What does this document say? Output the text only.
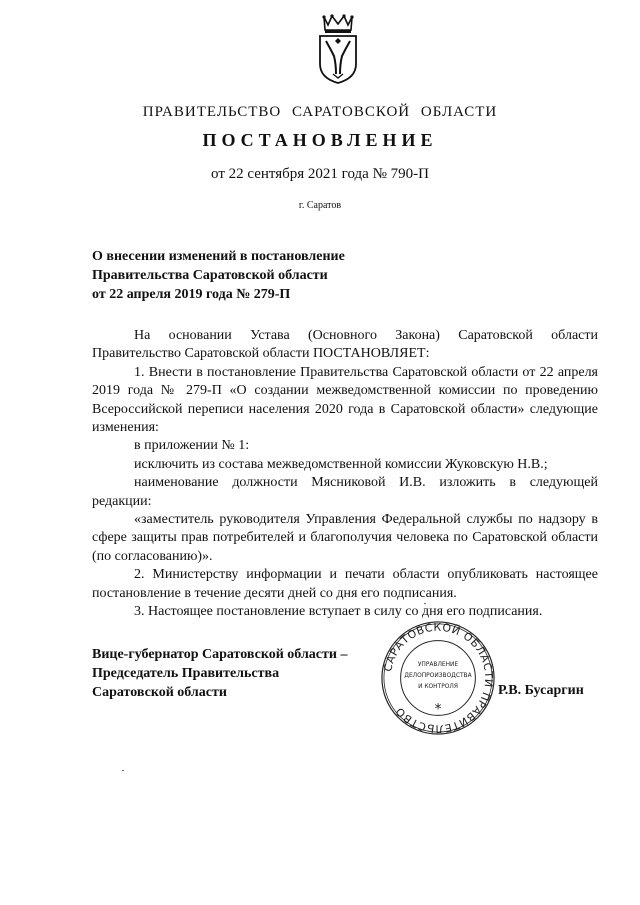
ПРАВИТЕЛЬСТВО САРАТОВСКОЙ ОБЛАСТИ
ПОСТАНОВЛЕНИЕ
от 22 сентября 2021 года № 790-П
г. Саратов
О внесении изменений в постановление
Правительства Саратовской области
от 22 апреля 2019 года № 279-П

На основании Устава (Основного Закона) Саратовской области Правительство Саратовской области ПОСТАНОВЛЯЕТ:

1. Внести в постановление Правительства Саратовской области от 22 апреля 2019 года № 279-П «О создании межведомственной комиссии по проведению Всероссийской переписи населения 2020 года в Саратовской области» следующие изменения:

в приложении № 1:

исключить из состава межведомственной комиссии Жуковскую Н.В.;

наименование должности Мясниковой И.В. изложить в следующей редакции:

«заместитель руководителя Управления Федеральной службы по надзору в сфере защиты прав потребителей и благополучия человека по Саратовской области (по согласованию)».

2. Министерству информации и печати области опубликовать настоящее постановление в течение десяти дней со дня его подписания.

3. Настоящее постановление вступает в силу со дня его подписания.

Вице-губернатор Саратовской области –
Председатель Правительства
Саратовской области
САРАТОВСКОЙ ОБЛАСТИ ПРАВИТЕЛЬСТВО
УПРАВЛЕНИЕ
ДЕЛОПРОИЗВОДСТВА
И КОНТРОЛЯ
*
Р.В. Бусаргин
